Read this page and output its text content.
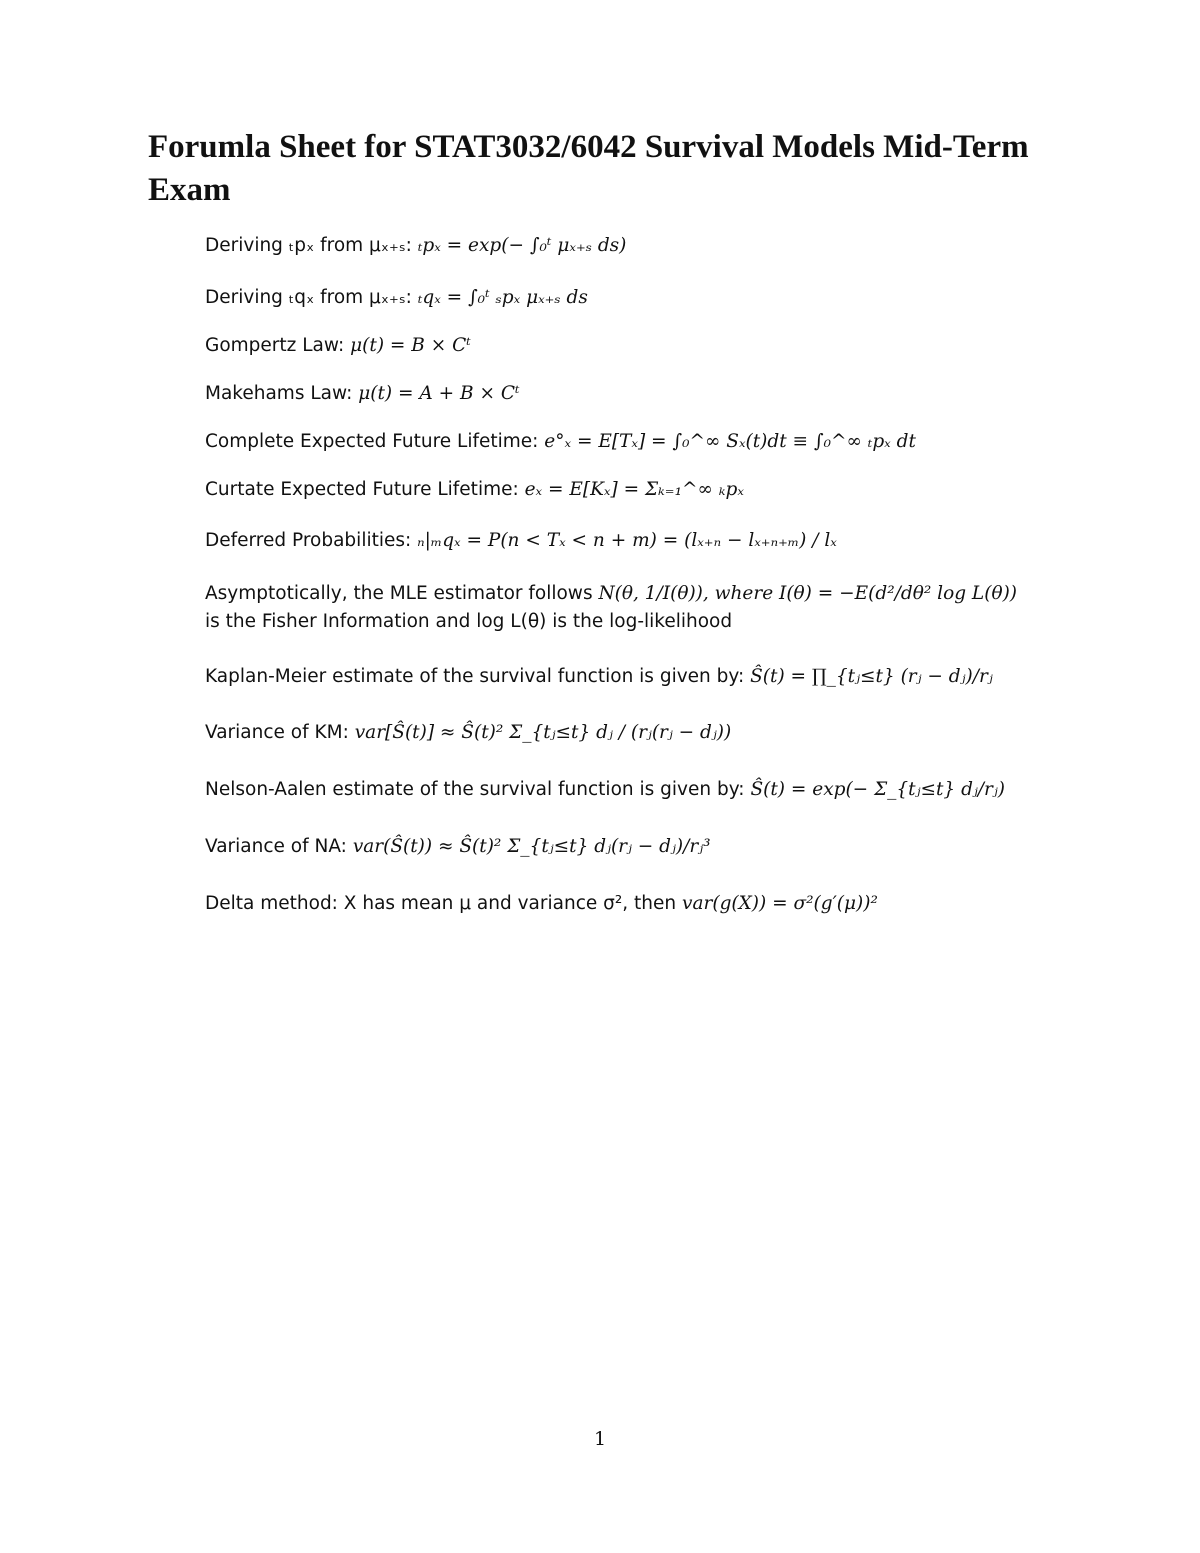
Forumla Sheet for STAT3032/6042 Survival Models Mid-Term Exam
Deriving ₜpₓ from μₓ₊ₛ: ₜpₓ = exp(− ∫₀ᵗ μₓ₊ₛ ds)
Deriving ₜqₓ from μₓ₊ₛ: ₜqₓ = ∫₀ᵗ ₛpₓ μₓ₊ₛ ds
Gompertz Law: μ(t) = B × Cᵗ
Makehams Law: μ(t) = A + B × Cᵗ
Complete Expected Future Lifetime: e°ₓ = E[Tₓ] = ∫₀^∞ Sₓ(t)dt ≡ ∫₀^∞ ₜpₓ dt
Curtate Expected Future Lifetime: eₓ = E[Kₓ] = Σₖ₌₁^∞ ₖpₓ
Deferred Probabilities: ₙ|ₘqₓ = P(n < Tₓ < n + m) = (lₓ₊ₙ − lₓ₊ₙ₊ₘ) / lₓ
Asymptotically, the MLE estimator follows N(θ, 1/I(θ)), where I(θ) = −E(d²/dθ² log L(θ))
is the Fisher Information and log L(θ) is the log-likelihood
Kaplan-Meier estimate of the survival function is given by: Ŝ(t) = ∏_{tⱼ≤t} (rⱼ − dⱼ)/rⱼ
Variance of KM: var[Ŝ(t)] ≈ Ŝ(t)² Σ_{tⱼ≤t} dⱼ / (rⱼ(rⱼ − dⱼ))
Nelson-Aalen estimate of the survival function is given by: Ŝ(t) = exp(− Σ_{tⱼ≤t} dⱼ/rⱼ)
Variance of NA: var(Ŝ(t)) ≈ Ŝ(t)² Σ_{tⱼ≤t} dⱼ(rⱼ − dⱼ)/rⱼ³
Delta method: X has mean μ and variance σ², then var(g(X)) = σ²(g′(μ))²
1
